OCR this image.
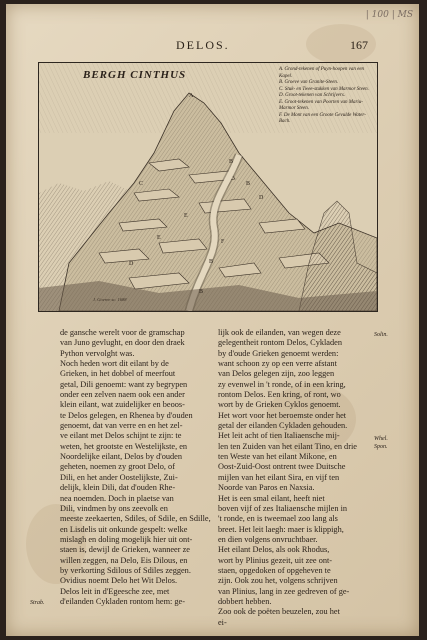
| 100 | MS
DELOS.	167
BERGH CINTHUS	A. Grond-tekenen of Puyn-hoopen van een Kapel.
B. Groeve van Granite-Steen.
C. Stuk- en Twee-stukken van Marmor Steen.
D. Groot-tekenen van Schrijvers.
E. Groot-tekenen van Poorten van Mariu-Marmor Steen.
F. De Mont van een Groote Gevulde Water-Bach.
A
B
C
D
E
F
E
D
B
B
B
J. Goeree sc. 1688

de gansche werelt voor de gramschap

van Juno gevlught, en door den draek

Python vervolght was.

Noch heden wort dit eilant by de

Grieken, in het dobbel of meerfout

getal, Dili genoemt: want zy begrypen

onder een zelven naem ook een ander

klein eilant, wat zuidelijker en beoos-

te Delos gelegen, en Rhenea by d'ouden

genoemt, dat van verre en en het zel-

ve eilant met Delos schijnt te zijn: te

weten, het grootste en Westelijkste, en

Noordelijke eilant, Delos by d'ouden

geheten, noemen zy groot Delo, of

Dili, en het ander Oostelijkste, Zui-

delijk, klein Dili, dat d'ouden Rhe-

nea noemden. Doch in plaetse van

Dili, vindmen by ons zeevolk en

meeste zeekaerten, Sdiles, of Sdile, en Sdille,

en Lisdelis uit onkunde gespelt: welke

mislagh en doling mogelijk hier uit ont-

staen is, dewijl de Grieken, wanneer ze

willen zeggen, na Delo, Eis Dilous, en

by verkorting Sdilous of Sdiles zeggen.

Ovidius noemt Delo het Wit Delos.

Delos leit in d'Egeesche zee, met

d'eilanden Cykladen rontom hem: ge-

lijk ook de eilanden, van wegen deze

gelegentheit rontom Delos, Cykladen

by d'oude Grieken genoemt werden:

want schoon zy op een verre afstant

van Delos gelegen zijn, zoo leggen

zy evenwel in 't ronde, of in een kring,

rontom Delos. Een kring, of ront, wo

wort by de Grieken Cyklos genoemt.

Het wort voor het beroemste onder het

getal der eilanden Cykladen gehouden.

Het leit acht of tien Italiaensche mij-

len ten Zuiden van het eilant Tino, en drie

ten Weste van het eilant Mikone, en

Oost-Zuid-Oost ontrent twee Duitsche

mijlen van het eilant Sira, en vijf ten

Noorde van Paros en Naxsia.

Het is een smal eilant, heeft niet

boven vijf of zes Italiaensche mijlen in

't ronde, en is tweemael zoo lang als

breet. Het leit laegh: maer is klippigh,

en dien volgens onvruchtbaer.

Het eilant Delos, als ook Rhodus,

wort by Plinius gezeit, uit zee ont-

staen, opgedoken of opgeheven te

zijn. Ook zou het, volgens schrijven

van Plinius, lang in zee gedreven of ge-

dobbert hebben.

Zoo ook de poëten beuzelen, zou het

ei-

Solin.
Whel.
Spon.
Strab.
